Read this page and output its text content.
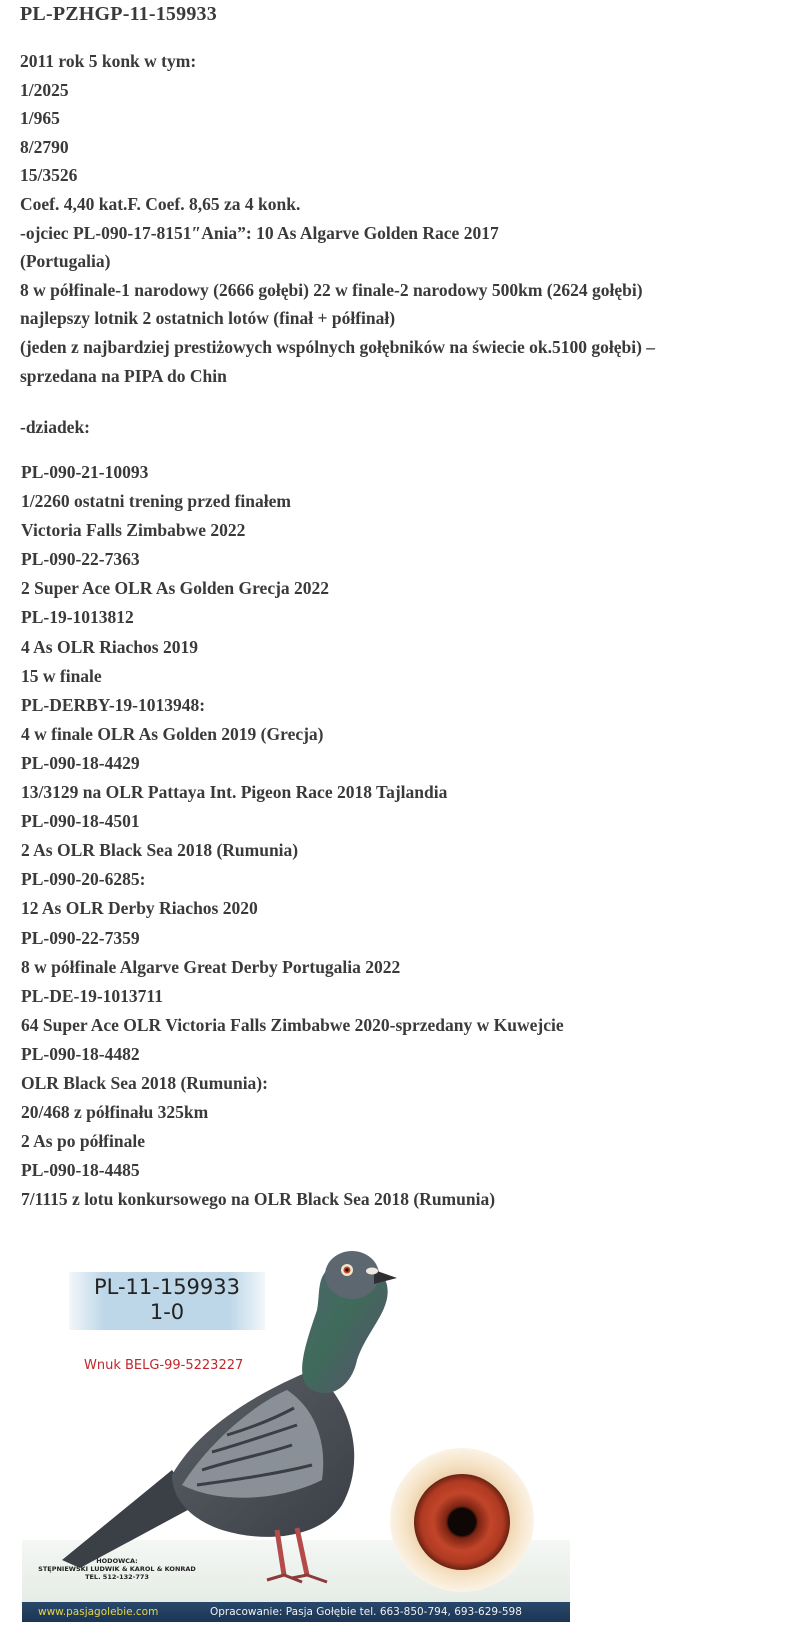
PL-PZHGP-11-159933
2011 rok 5 konk w tym:
1/2025
1/965
8/2790
15/3526
Coef. 4,40 kat.F. Coef. 8,65 za 4 konk.
-ojciec PL-090-17-8151″Ania”: 10 As Algarve Golden Race 2017
(Portugalia)
8 w półfinale-1 narodowy (2666 gołębi) 22 w finale-2 narodowy 500km (2624 gołębi)
najlepszy lotnik 2 ostatnich lotów (finał + półfinał)
(jeden z najbardziej prestiżowych wspólnych gołębników na świecie ok.5100 gołębi) –
sprzedana na PIPA do Chin
-dziadek:
PL-090-21-10093
1/2260 ostatni trening przed finałem
Victoria Falls Zimbabwe 2022
PL-090-22-7363
2 Super Ace OLR As Golden Grecja 2022
PL-19-1013812
4 As OLR Riachos 2019
15 w finale
PL-DERBY-19-1013948:
4 w finale OLR As Golden 2019 (Grecja)
PL-090-18-4429
13/3129 na OLR Pattaya Int. Pigeon Race 2018 Tajlandia
PL-090-18-4501
2 As OLR Black Sea 2018 (Rumunia)
PL-090-20-6285:
12 As OLR Derby Riachos 2020
PL-090-22-7359
8 w półfinale Algarve Great Derby Portugalia 2022
PL-DE-19-1013711
64 Super Ace OLR Victoria Falls Zimbabwe 2020-sprzedany w Kuwejcie
PL-090-18-4482
OLR Black Sea 2018 (Rumunia):
20/468 z półfinału 325km
2 As po półfinale
PL-090-18-4485
7/1115 z lotu konkursowego na OLR Black Sea 2018 (Rumunia)
PL-11-159933
1-0
Wnuk BELG-99-5223227
HODOWCA:
STĘPNIEWSKI LUDWIK & KAROL & KONRAD
TEL. 512-132-773
www.pasjagolebie.com	Opracowanie: Pasja Gołębie tel. 663-850-794, 693-629-598
